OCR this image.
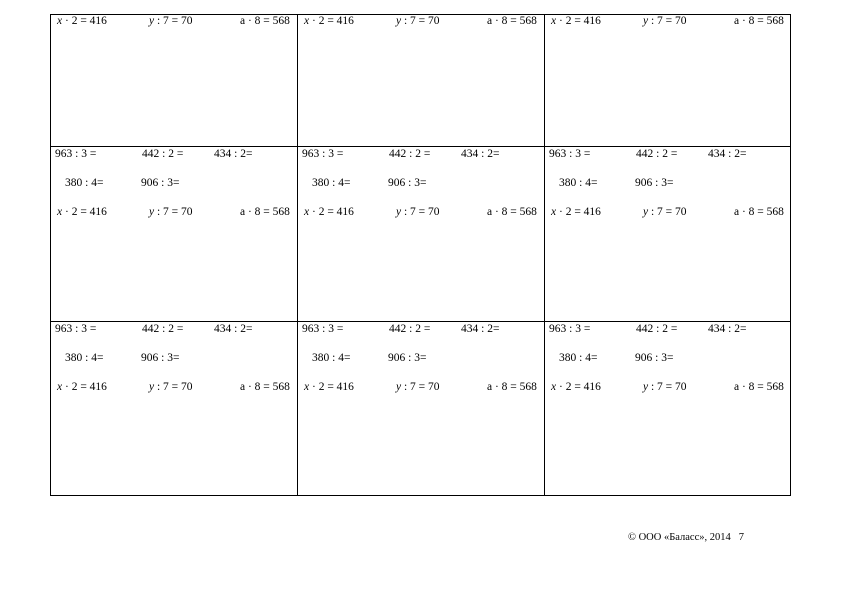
x · 2 = 416	y : 7 = 70	а · 8 = 568 x · 2 = 416	y : 7 = 70	а · 8 = 568 x · 2 = 416	y : 7 = 70	а · 8 = 568
963 : 3 =	442 : 2 =	434 : 2=
380 : 4=	906 : 3=
x · 2 = 416	y : 7 = 70	а · 8 = 568
963 : 3 =	442 : 2 =	434 : 2=
380 : 4=	906 : 3=
x · 2 = 416	y : 7 = 70	а · 8 = 568
963 : 3 =	442 : 2 =	434 : 2=
380 : 4=	906 : 3=
x · 2 = 416	y : 7 = 70	а · 8 = 568
963 : 3 =	442 : 2 =	434 : 2=
380 : 4=	906 : 3=
x · 2 = 416	y : 7 = 70	а · 8 = 568
963 : 3 =	442 : 2 =	434 : 2=
380 : 4=	906 : 3=
x · 2 = 416	y : 7 = 70	а · 8 = 568
963 : 3 =	442 : 2 =	434 : 2=
380 : 4=	906 : 3=
x · 2 = 416	y : 7 = 70	а · 8 = 568
© ООО «Баласс», 2014 7
